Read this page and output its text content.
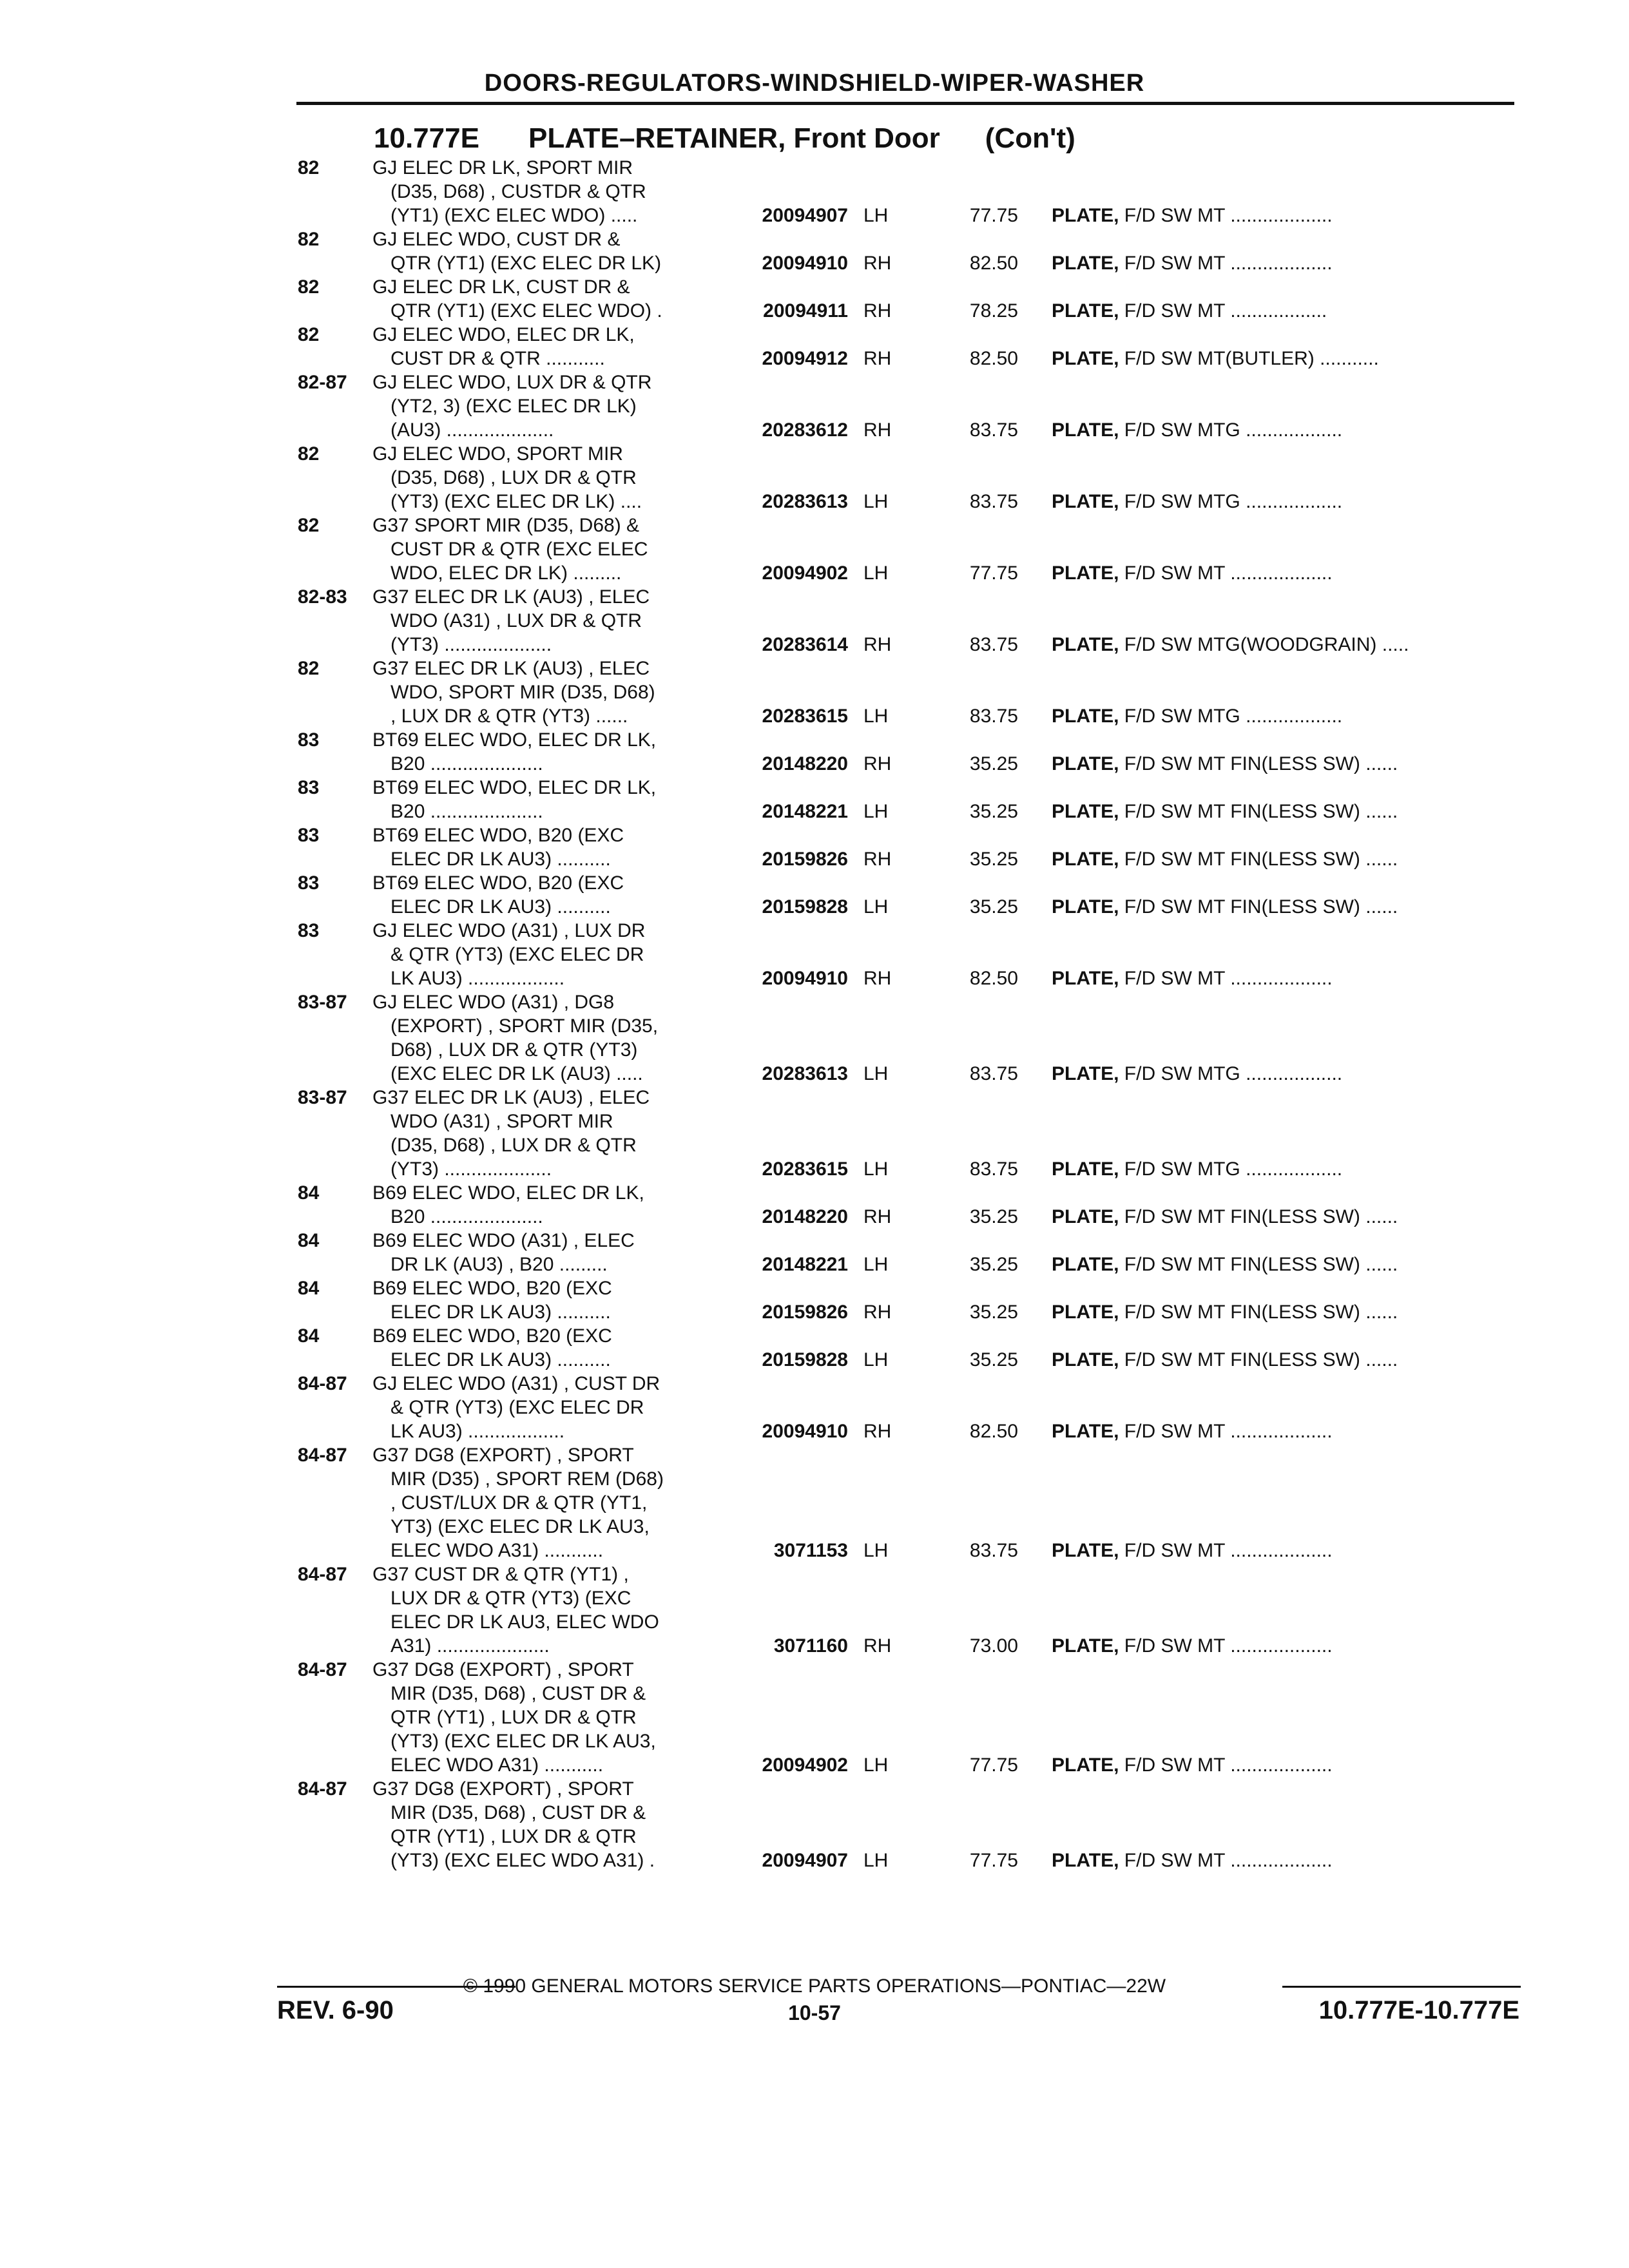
DOORS-REGULATORS-WINDSHIELD-WIPER-WASHER
10.777E PLATE–RETAINER, Front Door (Con't)
82	GJ ELEC DR LK, SPORT MIR
(D35, D68) , CUSTDR & QTR
(YT1) (EXC ELEC WDO) .....	20094907 LH	77.75 PLATE, F/D SW MT ...................
82	GJ ELEC WDO, CUST DR &
QTR (YT1) (EXC ELEC DR LK)	20094910 RH	82.50 PLATE, F/D SW MT ...................
82	GJ ELEC DR LK, CUST DR &
QTR (YT1) (EXC ELEC WDO) .	20094911 RH	78.25 PLATE, F/D SW MT ..................
82	GJ ELEC WDO, ELEC DR LK,
CUST DR & QTR ...........	20094912 RH	82.50 PLATE, F/D SW MT(BUTLER) ...........
82-87 GJ ELEC WDO, LUX DR & QTR
(YT2, 3) (EXC ELEC DR LK)
(AU3) ....................	20283612 RH	83.75 PLATE, F/D SW MTG ..................
82	GJ ELEC WDO, SPORT MIR
(D35, D68) , LUX DR & QTR
(YT3) (EXC ELEC DR LK) ....	20283613 LH	83.75 PLATE, F/D SW MTG ..................
82	G37 SPORT MIR (D35, D68) &
CUST DR & QTR (EXC ELEC
WDO, ELEC DR LK) .........	20094902 LH	77.75 PLATE, F/D SW MT ...................
82-83 G37 ELEC DR LK (AU3) , ELEC
WDO (A31) , LUX DR & QTR
(YT3) ....................	20283614 RH	83.75 PLATE, F/D SW MTG(WOODGRAIN) .....
82	G37 ELEC DR LK (AU3) , ELEC
WDO, SPORT MIR (D35, D68)
, LUX DR & QTR (YT3) ......	20283615 LH	83.75 PLATE, F/D SW MTG ..................
83	BT69 ELEC WDO, ELEC DR LK,
B20 .....................	20148220 RH	35.25 PLATE, F/D SW MT FIN(LESS SW) ......
83	BT69 ELEC WDO, ELEC DR LK,
B20 .....................	20148221 LH	35.25 PLATE, F/D SW MT FIN(LESS SW) ......
83	BT69 ELEC WDO, B20 (EXC
ELEC DR LK AU3) ..........	20159826 RH	35.25 PLATE, F/D SW MT FIN(LESS SW) ......
83	BT69 ELEC WDO, B20 (EXC
ELEC DR LK AU3) ..........	20159828 LH	35.25 PLATE, F/D SW MT FIN(LESS SW) ......
83	GJ ELEC WDO (A31) , LUX DR
& QTR (YT3) (EXC ELEC DR
LK AU3) ..................	20094910 RH	82.50 PLATE, F/D SW MT ...................
83-87 GJ ELEC WDO (A31) , DG8
(EXPORT) , SPORT MIR (D35,
D68) , LUX DR & QTR (YT3)
(EXC ELEC DR LK (AU3) .....	20283613 LH	83.75 PLATE, F/D SW MTG ..................
83-87 G37 ELEC DR LK (AU3) , ELEC
WDO (A31) , SPORT MIR
(D35, D68) , LUX DR & QTR
(YT3) ....................	20283615 LH	83.75 PLATE, F/D SW MTG ..................
84	B69 ELEC WDO, ELEC DR LK,
B20 .....................	20148220 RH	35.25 PLATE, F/D SW MT FIN(LESS SW) ......
84	B69 ELEC WDO (A31) , ELEC
DR LK (AU3) , B20 .........	20148221 LH	35.25 PLATE, F/D SW MT FIN(LESS SW) ......
84	B69 ELEC WDO, B20 (EXC
ELEC DR LK AU3) ..........	20159826 RH	35.25 PLATE, F/D SW MT FIN(LESS SW) ......
84	B69 ELEC WDO, B20 (EXC
ELEC DR LK AU3) ..........	20159828 LH	35.25 PLATE, F/D SW MT FIN(LESS SW) ......
84-87 GJ ELEC WDO (A31) , CUST DR
& QTR (YT3) (EXC ELEC DR
LK AU3) ..................	20094910 RH	82.50 PLATE, F/D SW MT ...................
84-87 G37 DG8 (EXPORT) , SPORT
MIR (D35) , SPORT REM (D68)
, CUST/LUX DR & QTR (YT1,
YT3) (EXC ELEC DR LK AU3,
ELEC WDO A31) ...........	3071153 LH	83.75 PLATE, F/D SW MT ...................
84-87 G37 CUST DR & QTR (YT1) ,
LUX DR & QTR (YT3) (EXC
ELEC DR LK AU3, ELEC WDO
A31) .....................	3071160 RH	73.00 PLATE, F/D SW MT ...................
84-87 G37 DG8 (EXPORT) , SPORT
MIR (D35, D68) , CUST DR &
QTR (YT1) , LUX DR & QTR
(YT3) (EXC ELEC DR LK AU3,
ELEC WDO A31) ...........	20094902 LH	77.75 PLATE, F/D SW MT ...................
84-87 G37 DG8 (EXPORT) , SPORT
MIR (D35, D68) , CUST DR &
QTR (YT1) , LUX DR & QTR
(YT3) (EXC ELEC WDO A31) .	20094907 LH	77.75 PLATE, F/D SW MT ...................
© 1990 GENERAL MOTORS SERVICE PARTS OPERATIONS—PONTIAC—22W
REV. 6-90	10-57	10.777E-10.777E
